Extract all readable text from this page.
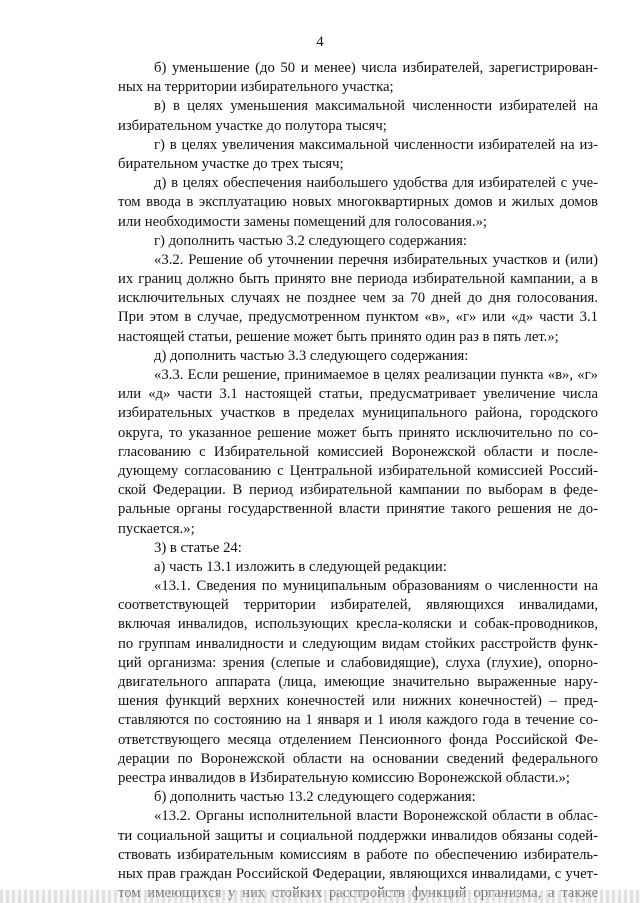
4
б) уменьшение (до 50 и менее) числа избирателей, зарегистрирован-
ных на территории избирательного участка;
в) в целях уменьшения максимальной численности избирателей на
избирательном участке до полутора тысяч;
г) в целях увеличения максимальной численности избирателей на из-
бирательном участке до трех тысяч;
д) в целях обеспечения наибольшего удобства для избирателей с уче-
том ввода в эксплуатацию новых многоквартирных домов и жилых домов
или необходимости замены помещений для голосования.»;
г) дополнить частью 3.2 следующего содержания:
«3.2. Решение об уточнении перечня избирательных участков и (или)
их границ должно быть принято вне периода избирательной кампании, а в
исключительных случаях не позднее чем за 70 дней до дня голосования.
При этом в случае, предусмотренном пунктом «в», «г» или «д» части 3.1
настоящей статьи, решение может быть принято один раз в пять лет.»;
д) дополнить частью 3.3 следующего содержания:
«3.3. Если решение, принимаемое в целях реализации пункта «в», «г»
или «д» части 3.1 настоящей статьи, предусматривает увеличение числа
избирательных участков в пределах муниципального района, городского
округа, то указанное решение может быть принято исключительно по со-
гласованию с Избирательной комиссией Воронежской области и после-
дующему согласованию с Центральной избирательной комиссией Россий-
ской Федерации. В период избирательной кампании по выборам в феде-
ральные органы государственной власти принятие такого решения не до-
пускается.»;
3) в статье 24:
а) часть 13.1 изложить в следующей редакции:
«13.1. Сведения по муниципальным образованиям о численности на
соответствующей территории избирателей, являющихся инвалидами,
включая инвалидов, использующих кресла-коляски и собак-проводников,
по группам инвалидности и следующим видам стойких расстройств функ-
ций организма: зрения (слепые и слабовидящие), слуха (глухие), опорно-
двигательного аппарата (лица, имеющие значительно выраженные нару-
шения функций верхних конечностей или нижних конечностей) – пред-
ставляются по состоянию на 1 января и 1 июля каждого года в течение со-
ответствующего месяца отделением Пенсионного фонда Российской Фе-
дерации по Воронежской области на основании сведений федерального
реестра инвалидов в Избирательную комиссию Воронежской области.»;
б) дополнить частью 13.2 следующего содержания:
«13.2. Органы исполнительной власти Воронежской области в облас-
ти социальной защиты и социальной поддержки инвалидов обязаны содей-
ствовать избирательным комиссиям в работе по обеспечению избиратель-
ных прав граждан Российской Федерации, являющихся инвалидами, с учет-
